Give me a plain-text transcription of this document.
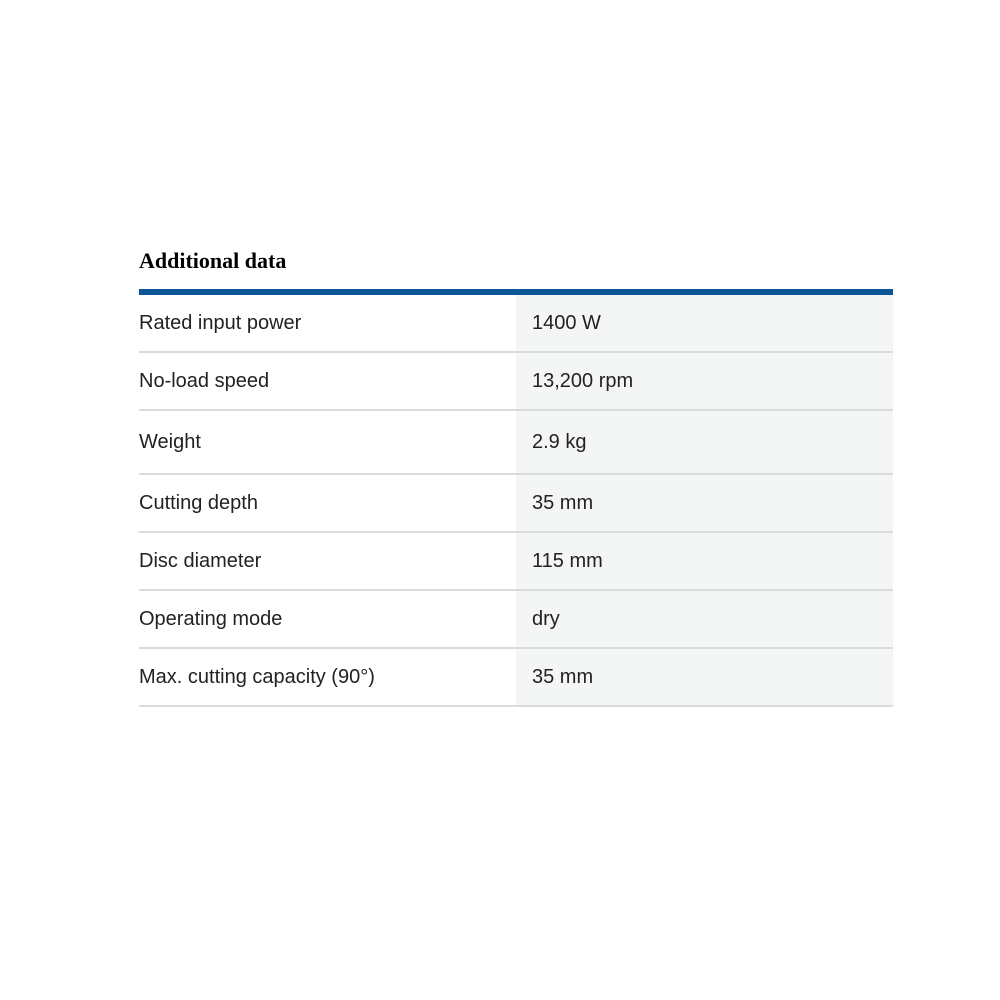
Additional data
Rated input power	1400 W
No-load speed	13,200 rpm
Weight	2.9 kg
Cutting depth	35 mm
Disc diameter	115 mm
Operating mode	dry
Max. cutting capacity (90°)	35 mm
